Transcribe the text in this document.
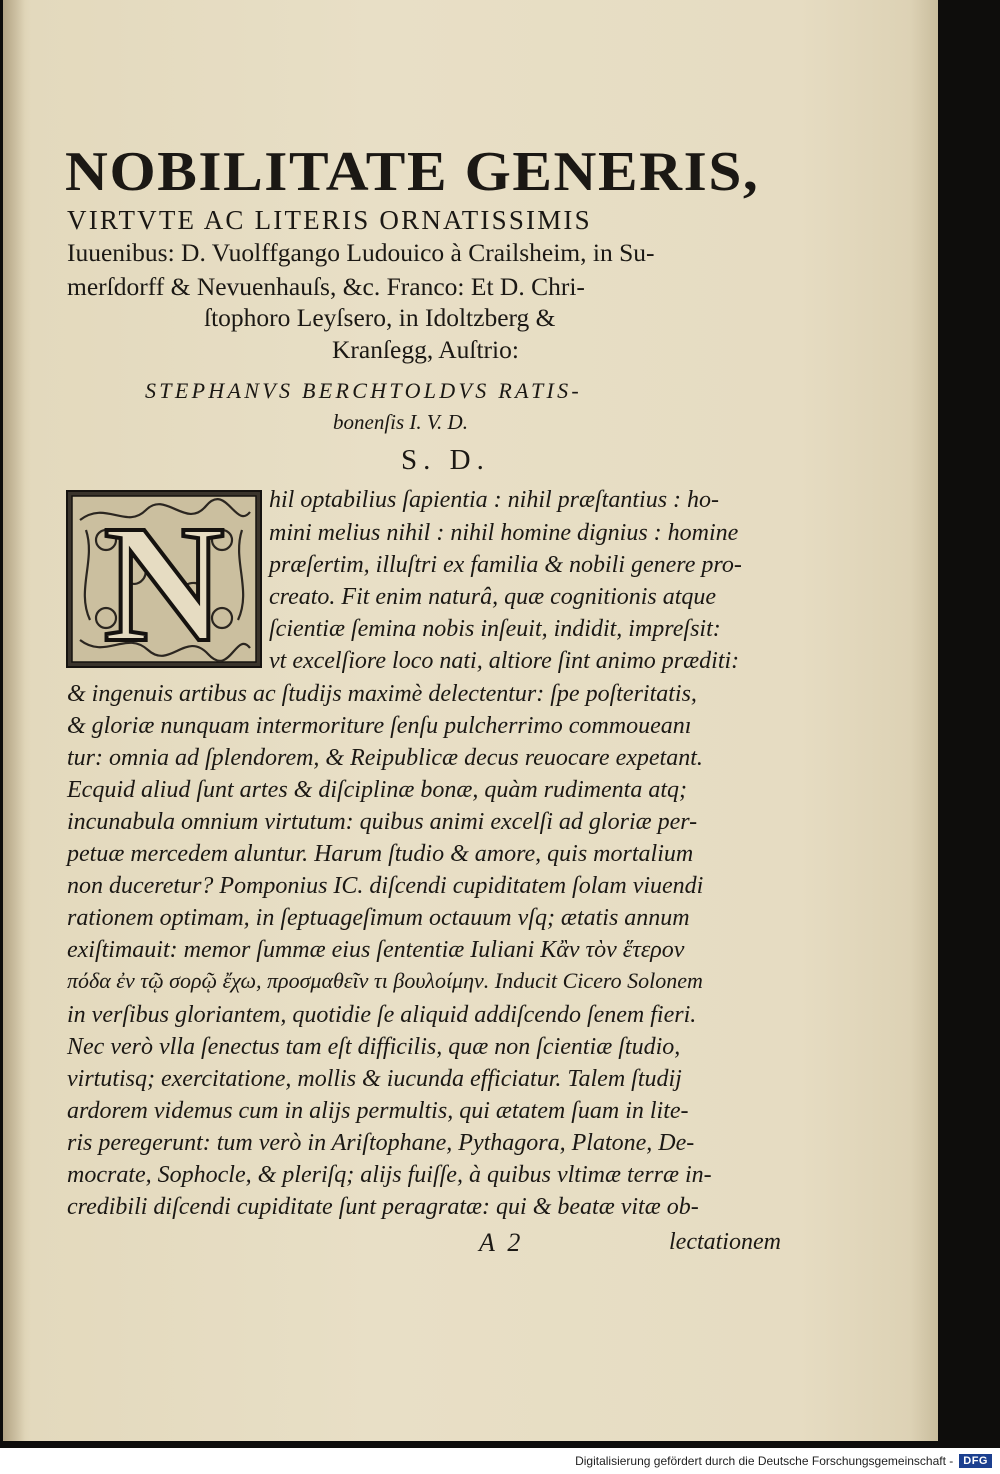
NOBILITATE GENERIS,
VIRTVTE AC LITERIS ORNATISSIMIS
Iuuenibus: D. Vuolffgango Ludouico à Crailsheim, in Su-
merſdorff & Nevuenhauſs, &c. Franco: Et D. Chri-
ſtophoro Leyſsero, in Idoltzberg &
Kranſegg, Auſtrio:
STEPHANVS BERCHTOLDVS RATIS-
bonenſis I. V. D.
S. D.
N hil optabilius ſapientia : nihil præſtantius : ho-
mini melius nihil : nihil homine dignius : homine
præſertim, illuſtri ex familia & nobili genere pro-
creato. Fit enim naturâ, quæ cognitionis atque
ſcientiæ ſemina nobis inſeuit, indidit, impreſsit:
vt excelſiore loco nati, altiore ſint animo præditi:
& ingenuis artibus ac ſtudijs maximè delectentur: ſpe poſteritatis,
& gloriæ nunquam intermoriture ſenſu pulcherrimo commoueanı
tur: omnia ad ſplendorem, & Reipublicæ decus reuocare expetant.
Ecquid aliud ſunt artes & diſciplinæ bonæ, quàm rudimenta atq;
incunabula omnium virtutum: quibus animi excelſi ad gloriæ per-
petuæ mercedem aluntur. Harum ſtudio & amore, quis mortalium
non duceretur? Pomponius IC. diſcendi cupiditatem ſolam viuendi
rationem optimam, in ſeptuageſimum octauum vſq; ætatis annum
exiſtimauit: memor ſummæ eius ſententiæ Iuliani Κἂν τὸν ἕτερον
πόδα ἐν τῷ σορῷ ἔχω, προσμαθεῖν τι βουλοίμην. Inducit Cicero Solonem
in verſibus gloriantem, quotidie ſe aliquid addiſcendo ſenem fieri.
Nec verò vlla ſenectus tam eſt difficilis, quæ non ſcientiæ ſtudio,
virtutisq; exercitatione, mollis & iucunda efficiatur. Talem ſtudij
ardorem videmus cum in alijs permultis, qui ætatem ſuam in lite-
ris peregerunt: tum verò in Ariſtophane, Pythagora, Platone, De-
mocrate, Sophocle, & pleriſq; alijs fuiſſe, à quibus vltimæ terræ in-
credibili diſcendi cupiditate ſunt peragratæ: qui & beatæ vitæ ob-
A  2	lectationem
Digitalisierung gefördert durch die Deutsche Forschungsgemeinschaft - DFG
